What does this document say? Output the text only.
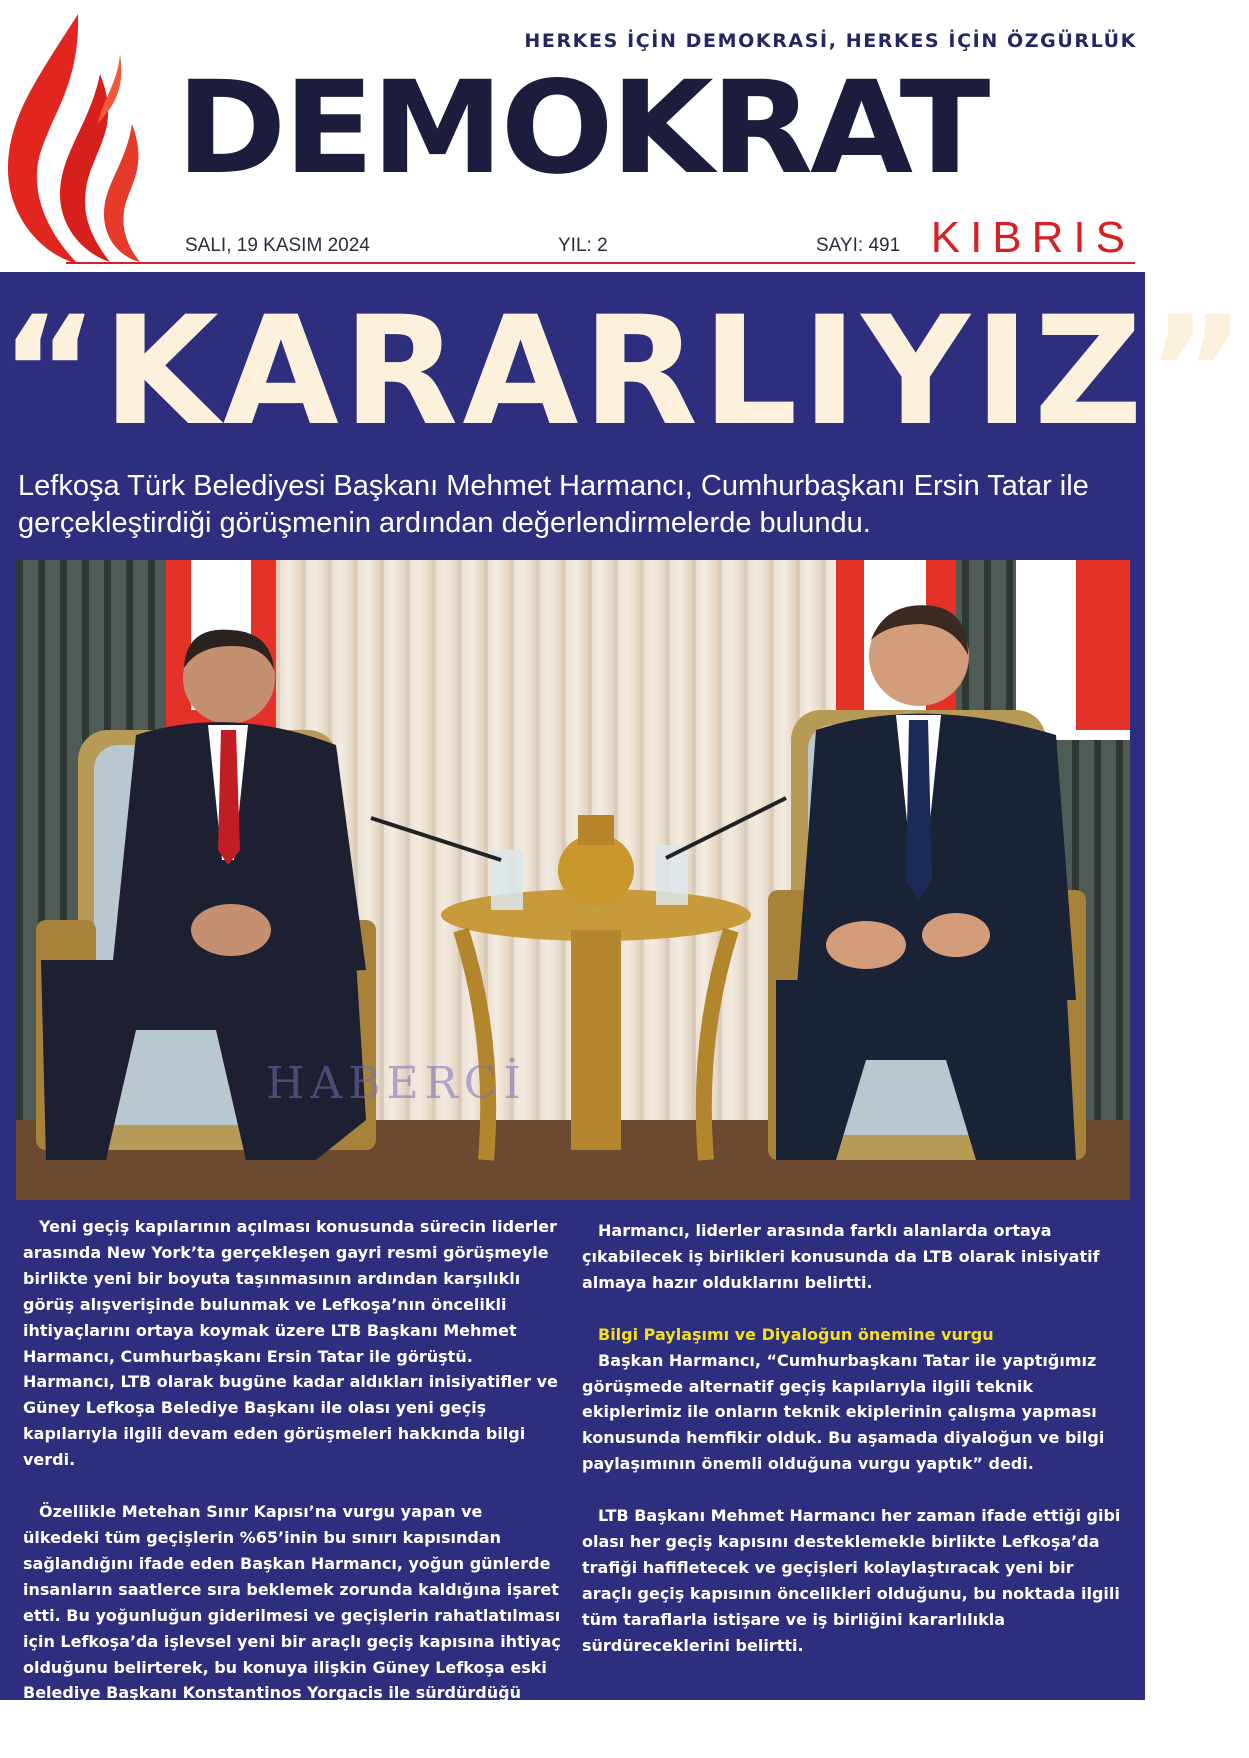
HERKES İÇİN DEMOKRASİ, HERKES İÇİN ÖZGÜRLÜK
DEMOKRAT
SALI, 19 KASIM 2024	YIL: 2	SAYI: 491 KIBRIS
“KARARLIYIZ”
Lefkoşa Türk Belediyesi Başkanı Mehmet Harmancı, Cumhurbaşkanı Ersin Tatar ile gerçekleştirdiği görüşmenin ardından değerlendirmelerde bulundu.
HABERCİ

Yeni geçiş kapılarının açılması konusunda sürecin liderler arasında New York’ta gerçekleşen gayri resmi görüşmeyle birlikte yeni bir boyuta taşınmasının ardından karşılıklı görüş alışverişinde bulunmak ve Lefkoşa’nın öncelikli ihtiyaçlarını ortaya koymak üzere LTB Başkanı Mehmet Harmancı, Cumhurbaşkanı Ersin Tatar ile görüştü. Harmancı, LTB olarak bugüne kadar aldıkları inisiyatifler ve Güney Lefkoşa Belediye Başkanı ile olası yeni geçiş kapılarıyla ilgili devam eden görüşmeleri hakkında bilgi verdi.

Özellikle Metehan Sınır Kapısı’na vurgu yapan ve ülkedeki tüm geçişlerin %65’inin bu sınırı kapısından sağlandığını ifade eden Başkan Harmancı, yoğun günlerde insanların saatlerce sıra beklemek zorunda kaldığına işaret etti. Bu yoğunluğun giderilmesi ve geçişlerin rahatlatılması için Lefkoşa’da işlevsel yeni bir araçlı geçiş kapısına ihtiyaç olduğunu belirterek, bu konuya ilişkin Güney Lefkoşa eski Belediye Başkanı Konstantinos Yorgacis ile sürdürdüğü temasları Charalambos Prountzos ile de devam ettirdiğini dile getirdi.

Harmancı, liderler arasında farklı alanlarda ortaya çıkabilecek iş birlikleri konusunda da LTB olarak inisiyatif almaya hazır olduklarını belirtti.

Bilgi Paylaşımı ve Diyaloğun önemine vurgu

Başkan Harmancı, “Cumhurbaşkanı Tatar ile yaptığımız görüşmede alternatif geçiş kapılarıyla ilgili teknik ekiplerimiz ile onların teknik ekiplerinin çalışma yapması konusunda hemfikir olduk. Bu aşamada diyaloğun ve bilgi paylaşımının önemli olduğuna vurgu yaptık” dedi.

LTB Başkanı Mehmet Harmancı her zaman ifade ettiği gibi olası her geçiş kapısını desteklemekle birlikte Lefkoşa’da trafiği hafifletecek ve geçişleri kolaylaştıracak yeni bir araçlı geçiş kapısının öncelikleri olduğunu, bu noktada ilgili tüm taraflarla istişare ve iş birliğini kararlılıkla sürdüreceklerini belirtti.
